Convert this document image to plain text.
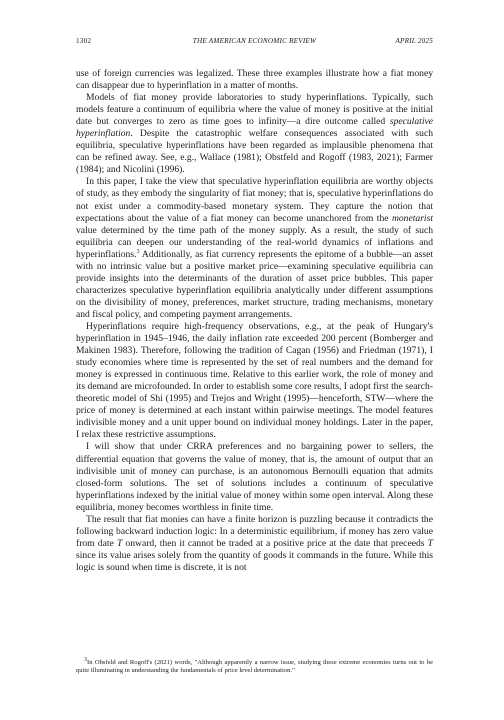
1302	THE AMERICAN ECONOMIC REVIEW	APRIL 2025

use of foreign currencies was legalized. These three examples illustrate how a fiat money can disappear due to hyperinflation in a matter of months.

Models of fiat money provide laboratories to study hyperinflations. Typically, such models feature a continuum of equilibria where the value of money is positive at the initial date but converges to zero as time goes to infinity—a dire outcome called speculative hyperinflation. Despite the catastrophic welfare consequences associated with such equilibria, speculative hyperinflations have been regarded as implausible phenomena that can be refined away. See, e.g., Wallace (1981); Obstfeld and Rogoff (1983, 2021); Farmer (1984); and Nicolini (1996).

In this paper, I take the view that speculative hyperinflation equilibria are worthy objects of study, as they embody the singularity of fiat money; that is, speculative hyperinflations do not exist under a commodity-based monetary system. They capture the notion that expectations about the value of a fiat money can become unanchored from the monetarist value determined by the time path of the money supply. As a result, the study of such equilibria can deepen our understanding of the real-world dynamics of inflations and hyperinflations.$^3$ Additionally, as fiat currency represents the epitome of a bubble—an asset with no intrinsic value but a positive market price—examining speculative equilibria can provide insights into the determinants of the duration of asset price bubbles. This paper characterizes speculative hyperinflation equilibria analytically under different assumptions on the divisibility of money, preferences, market structure, trading mechanisms, monetary and fiscal policy, and competing payment arrangements.

Hyperinflations require high-frequency observations, e.g., at the peak of Hungary's hyperinflation in 1945–1946, the daily inflation rate exceeded 200 percent (Bomberger and Makinen 1983). Therefore, following the tradition of Cagan (1956) and Friedman (1971), I study economies where time is represented by the set of real numbers and the demand for money is expressed in continuous time. Relative to this earlier work, the role of money and its demand are microfounded. In order to establish some core results, I adopt first the search-theoretic model of Shi (1995) and Trejos and Wright (1995)—henceforth, STW—where the price of money is determined at each instant within pairwise meetings. The model features indivisible money and a unit upper bound on individual money holdings. Later in the paper, I relax these restrictive assumptions.

I will show that under CRRA preferences and no bargaining power to sellers, the differential equation that governs the value of money, that is, the amount of output that an indivisible unit of money can purchase, is an autonomous Bernoulli equation that admits closed-form solutions. The set of solutions includes a continuum of speculative hyperinflations indexed by the initial value of money within some open interval. Along these equilibria, money becomes worthless in finite time.

The result that fiat monies can have a finite horizon is puzzling because it contradicts the following backward induction logic: In a deterministic equilibrium, if money has zero value from date T onward, then it cannot be traded at a positive price at the date that preceeds T since its value arises solely from the quantity of goods it commands in the future. While this logic is sound when time is discrete, it is not

$^3$In Obsfeld and Rogoff's (2021) words, "Although apparently a narrow issue, studying these extreme economies turns out to be quite illuminating in understanding the fundamentals of price level determination."
